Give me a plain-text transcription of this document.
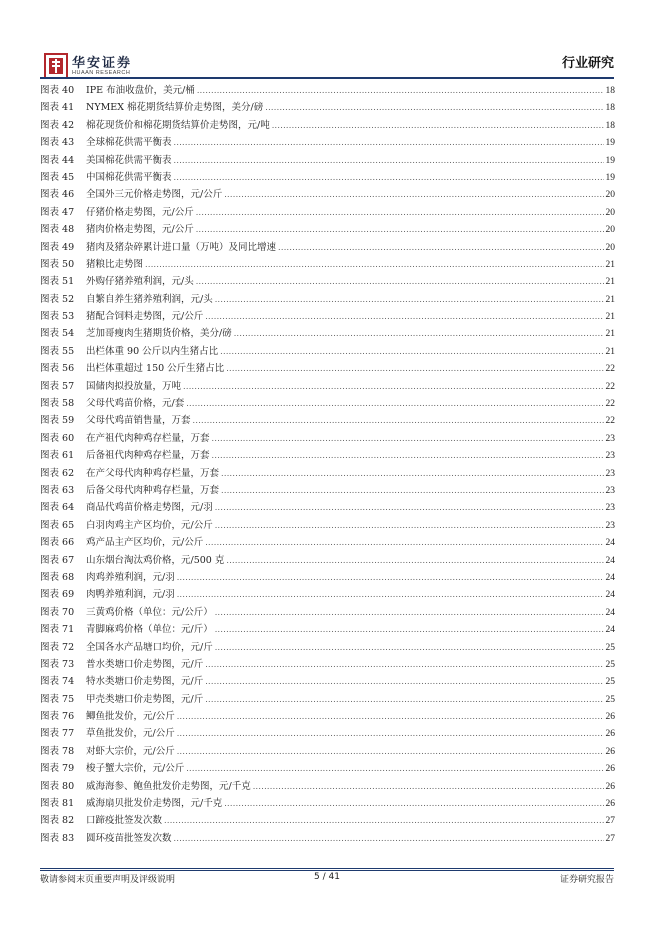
华安证券
HUAAN RESEARCH
行业研究
图表 40	IPE 布油收盘价，美元/桶 .....	18
图表 41	NYMEX 棉花期货结算价走势图，美分/磅 .....	18
图表 42	棉花现货价和棉花期货结算价走势图，元/吨 .....	18
图表 43	全球棉花供需平衡表 .....	19
图表 44	美国棉花供需平衡表 .....	19
图表 45	中国棉花供需平衡表 .....	19
图表 46	全国外三元价格走势图，元/公斤 .....	20
图表 47	仔猪价格走势图，元/公斤 .....	20
图表 48	猪肉价格走势图，元/公斤 .....	20
图表 49	猪肉及猪杂碎累计进口量（万吨）及同比增速 .....	20
图表 50	猪粮比走势图 .....	21
图表 51	外购仔猪养殖利润，元/头 .....	21
图表 52	自繁自养生猪养殖利润，元/头 .....	21
图表 53	猪配合饲料走势图，元/公斤 .....	21
图表 54	芝加哥瘦肉生猪期货价格，美分/磅 .....	21
图表 55	出栏体重 90 公斤以内生猪占比 .....	21
图表 56	出栏体重超过 150 公斤生猪占比 .....	22
图表 57	国储肉拟投放量，万吨 .....	22
图表 58	父母代鸡苗价格，元/套 .....	22
图表 59	父母代鸡苗销售量，万套 .....	22
图表 60	在产祖代肉种鸡存栏量，万套 .....	23
图表 61	后备祖代肉种鸡存栏量，万套 .....	23
图表 62	在产父母代肉种鸡存栏量，万套 .....	23
图表 63	后备父母代肉种鸡存栏量，万套 .....	23
图表 64	商品代鸡苗价格走势图，元/羽 .....	23
图表 65	白羽肉鸡主产区均价，元/公斤 .....	23
图表 66	鸡产品主产区均价，元/公斤 .....	24
图表 67	山东烟台淘汰鸡价格，元/500 克 .....	24
图表 68	肉鸡养殖利润，元/羽 .....	24
图表 69	肉鸭养殖利润，元/羽 .....	24
图表 70	三黄鸡价格（单位：元/公斤） .....	24
图表 71	青脚麻鸡价格（单位：元/斤） .....	24
图表 72	全国各水产品塘口均价，元/斤 .....	25
图表 73	普水类塘口价走势图，元/斤 .....	25
图表 74	特水类塘口价走势图，元/斤 .....	25
图表 75	甲壳类塘口价走势图，元/斤 .....	25
图表 76	鲫鱼批发价，元/公斤 .....	26
图表 77	草鱼批发价，元/公斤 .....	26
图表 78	对虾大宗价，元/公斤 .....	26
图表 79	梭子蟹大宗价，元/公斤 .....	26
图表 80	威海海参、鲍鱼批发价走势图，元/千克 .....	26
图表 81	威海扇贝批发价走势图，元/千克 .....	26
图表 82	口蹄疫批签发次数 .....	27
图表 83	圆环疫苗批签发次数 .....	27
敬请参阅末页重要声明及评级说明	5 / 41	证券研究报告
